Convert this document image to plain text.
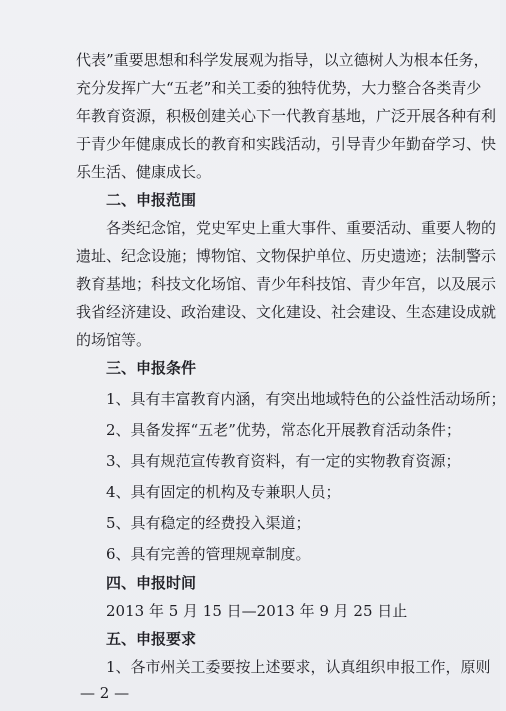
代表”重要思想和科学发展观为指导，以立德树人为根本任务，
充分发挥广大“五老”和关工委的独特优势，大力整合各类青少
年教育资源，积极创建关心下一代教育基地，广泛开展各种有利
于青少年健康成长的教育和实践活动，引导青少年勤奋学习、快
乐生活、健康成长。
二、申报范围
各类纪念馆，党史军史上重大事件、重要活动、重要人物的
遗址、纪念设施；博物馆、文物保护单位、历史遗迹；法制警示
教育基地；科技文化场馆、青少年科技馆、青少年宫，以及展示
我省经济建设、政治建设、文化建设、社会建设、生态建设成就
的场馆等。
三、申报条件
1、具有丰富教育内涵，有突出地域特色的公益性活动场所；
2、具备发挥“五老”优势，常态化开展教育活动条件；
3、具有规范宣传教育资料，有一定的实物教育资源；
4、具有固定的机构及专兼职人员；
5、具有稳定的经费投入渠道；
6、具有完善的管理规章制度。
四、申报时间
2013 年 5 月 15 日—2013 年 9 月 25 日止
五、申报要求
1、各市州关工委要按上述要求，认真组织申报工作，原则
— 2 —
